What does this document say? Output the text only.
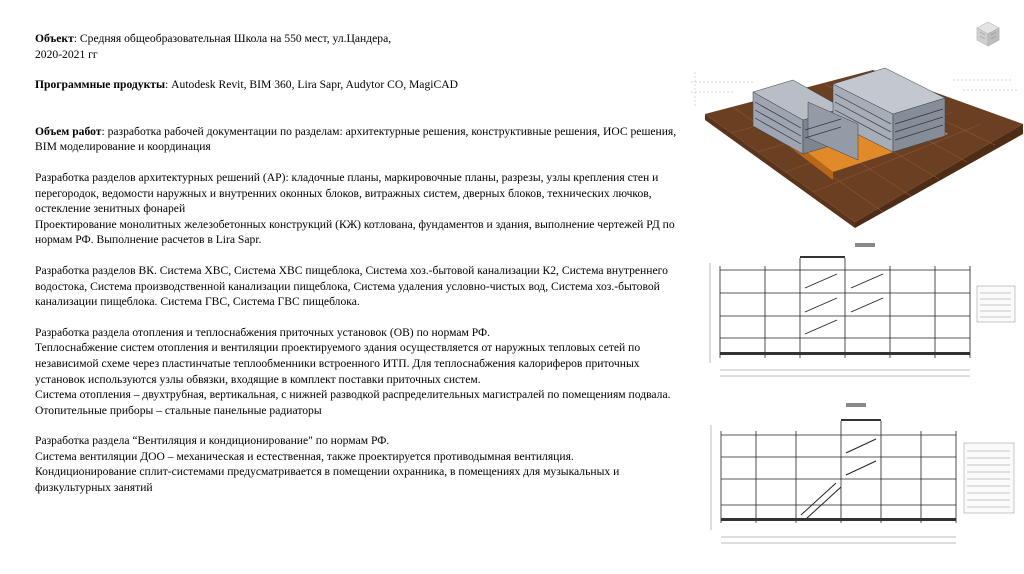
Объект: Средняя общеобразовательная Школа на 550 мест, ул.Цандера,

2020-2021 гг

Программные продукты: Autodesk Revit, BIM 360, Lira Sapr, Audytor CO, MagiCAD

Объем работ: разработка рабочей документации по разделам: архитектурные решения, конструктивные решения, ИОС решения, BIM моделирование и координация

Разработка разделов архитектурных решений (АР): кладочные планы, маркировочные планы, разрезы, узлы крепления стен и перегородок, ведомости наружных и внутренних оконных блоков, витражных систем, дверных блоков, технических лючков, остекление зенитных фонарей

Проектирование монолитных железобетонных конструкций (КЖ) котлована, фундаментов и здания, выполнение чертежей РД по нормам РФ. Выполнение расчетов в Lira Sapr.

Разработка разделов ВК. Система ХВС, Система ХВС пищеблока, Система хоз.-бытовой канализации К2, Система внутреннего водостока, Система производственной канализации пищеблока, Система удаления условно-чистых вод, Система хоз.-бытовой канализации пищеблока. Система ГВС, Система ГВС пищеблока.

Разработка раздела отопления и теплоснабжения приточных установок (ОВ) по нормам РФ.

Теплоснабжение систем отопления и вентиляции проектируемого здания осуществляется от наружных тепловых сетей по независимой схеме через пластинчатые теплообменники встроенного ИТП. Для теплоснабжения калориферов приточных установок используются узлы обвязки, входящие в комплект поставки приточных систем.

Система отопления – двухтрубная, вертикальная, с нижней разводкой распределительных магистралей по помещениям подвала. Отопительные приборы – стальные панельные радиаторы

Разработка раздела “Вентиляция и кондиционирование" по нормам РФ.

Система вентиляции ДОО – механическая и естественная, также проектируется противодымная вентиляция.

Кондиционирование сплит-системами предусматривается в помещении охранника, в помещениях для музыкальных и физкультурных занятий
